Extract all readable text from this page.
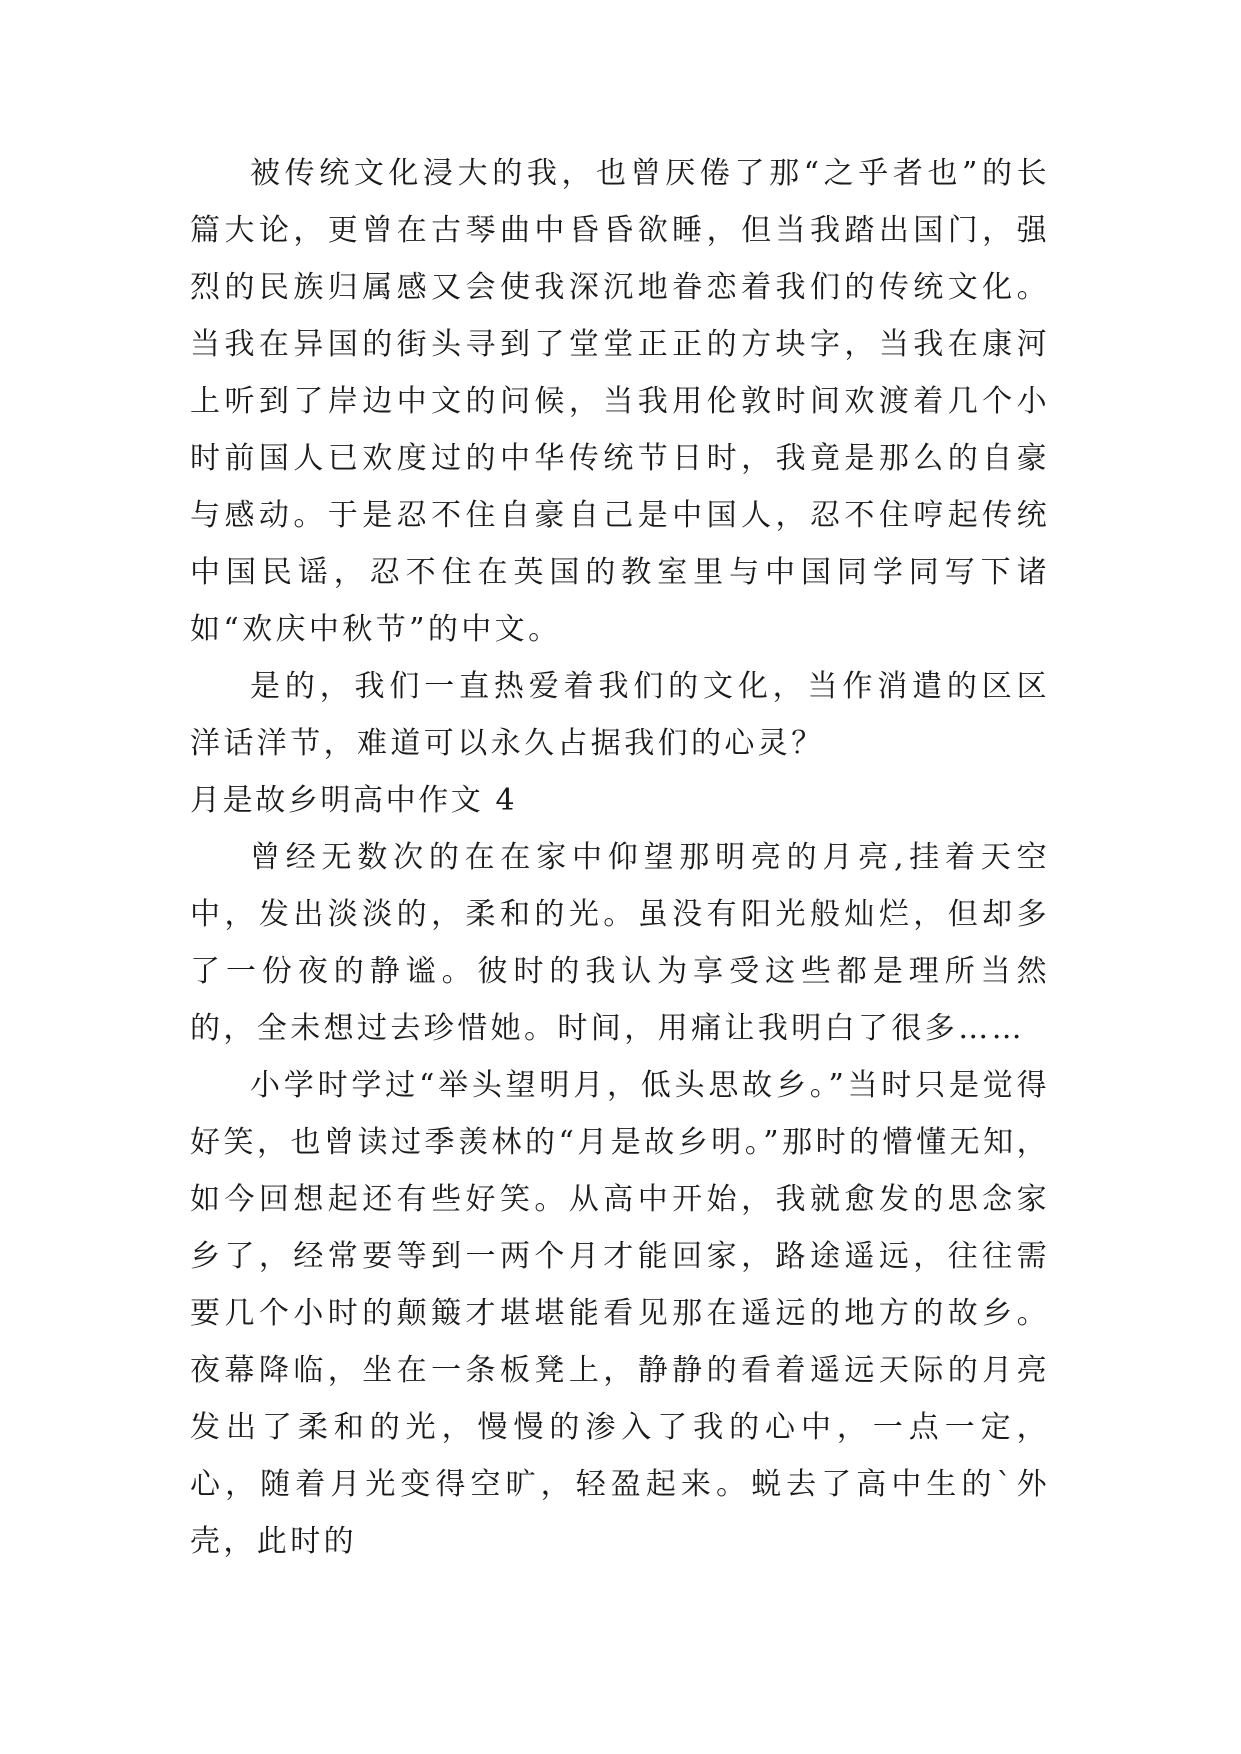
被传统文化浸大的我，也曾厌倦了那“之乎者也”的长篇大论，更曾在古琴曲中昏昏欲睡，但当我踏出国门，强烈的民族归属感又会使我深沉地眷恋着我们的传统文化。当我在异国的街头寻到了堂堂正正的方块字，当我在康河上听到了岸边中文的问候，当我用伦敦时间欢渡着几个小时前国人已欢度过的中华传统节日时，我竟是那么的自豪与感动。于是忍不住自豪自己是中国人，忍不住哼起传统中国民谣，忍不住在英国的教室里与中国同学同写下诸如“欢庆中秋节”的中文。

是的，我们一直热爱着我们的文化，当作消遣的区区洋话洋节，难道可以永久占据我们的心灵？

月是故乡明高中作文 4

曾经无数次的在在家中仰望那明亮的月亮,挂着天空中，发出淡淡的，柔和的光。虽没有阳光般灿烂，但却多了一份夜的静谧。彼时的我认为享受这些都是理所当然的，全未想过去珍惜她。时间，用痛让我明白了很多……

小学时学过“举头望明月，低头思故乡。”当时只是觉得好笑，也曾读过季羡林的“月是故乡明。”那时的懵懂无知，如今回想起还有些好笑。从高中开始，我就愈发的思念家乡了，经常要等到一两个月才能回家，路途遥远，往往需要几个小时的颠簸才堪堪能看见那在遥远的地方的故乡。夜幕降临，坐在一条板凳上，静静的看着遥远天际的月亮发出了柔和的光，慢慢的渗入了我的心中，一点一定，心，随着月光变得空旷，轻盈起来。蜕去了高中生的`外壳，此时的
